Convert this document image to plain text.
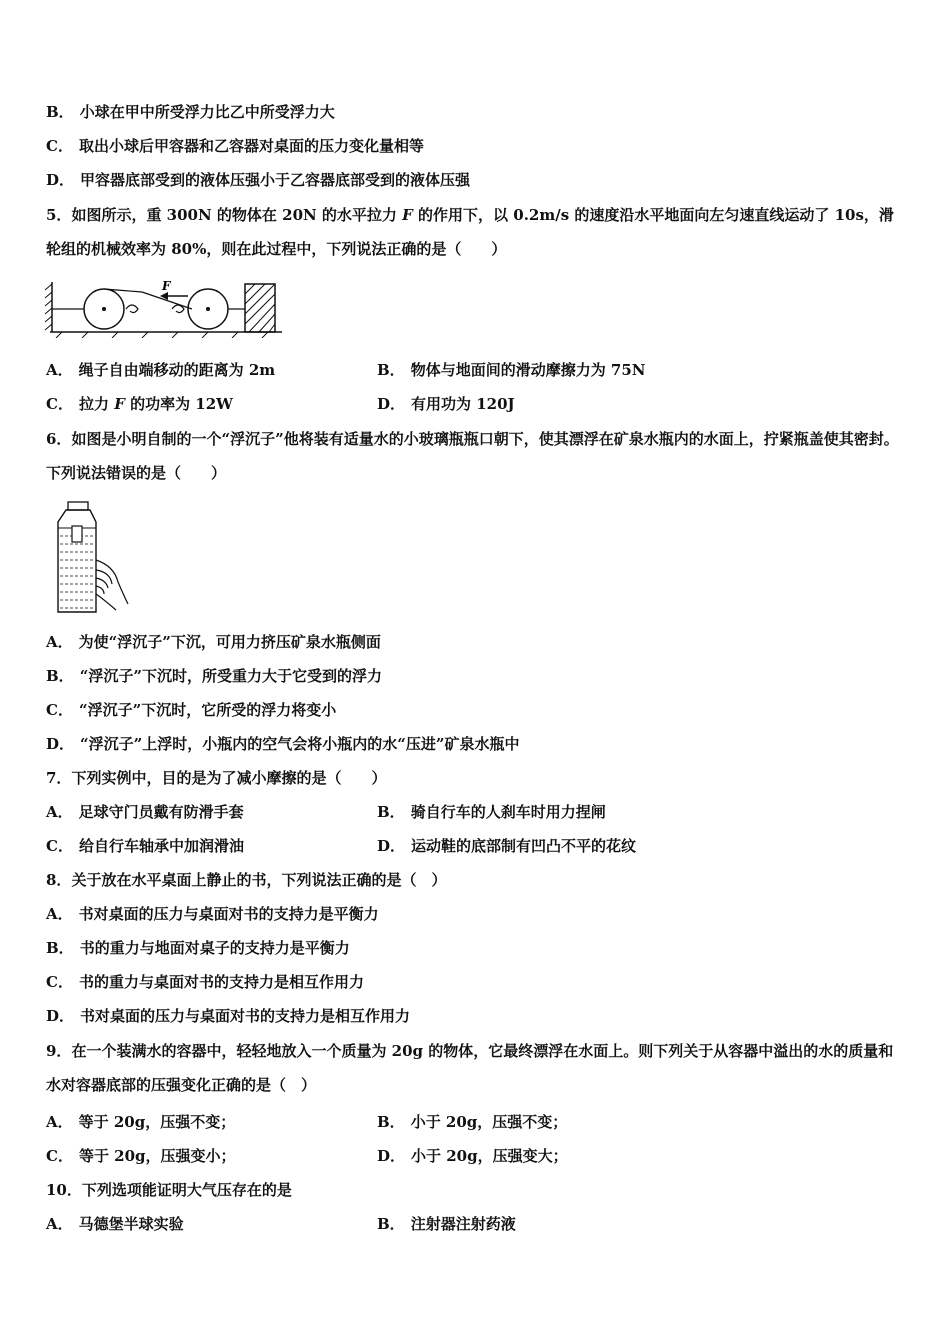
B． 小球在甲中所受浮力比乙中所受浮力大
C． 取出小球后甲容器和乙容器对桌面的压力变化量相等
D． 甲容器底部受到的液体压强小于乙容器底部受到的液体压强
5．如图所示，重 300N 的物体在 20N 的水平拉力 F 的作用下，以 0.2m/s 的速度沿水平地面向左匀速直线运动了 10s，滑轮组的机械效率为 80%，则在此过程中，下列说法正确的是（　　）
F
A． 绳子自由端移动的距离为 2m	B． 物体与地面间的滑动摩擦力为 75N
C． 拉力 F 的功率为 12W	D． 有用功为 120J
6．如图是小明自制的一个“浮沉子”他将装有适量水的小玻璃瓶瓶口朝下，使其漂浮在矿泉水瓶内的水面上，拧紧瓶盖使其密封。下列说法错误的是（　　）
A． 为使“浮沉子”下沉，可用力挤压矿泉水瓶侧面
B． “浮沉子”下沉时，所受重力大于它受到的浮力
C． “浮沉子”下沉时，它所受的浮力将变小
D． “浮沉子”上浮时，小瓶内的空气会将小瓶内的水“压进”矿泉水瓶中
7．下列实例中，目的是为了减小摩擦的是（　　）
A． 足球守门员戴有防滑手套	B． 骑自行车的人刹车时用力捏闸
C． 给自行车轴承中加润滑油	D． 运动鞋的底部制有凹凸不平的花纹
8．关于放在水平桌面上静止的书，下列说法正确的是（　）
A． 书对桌面的压力与桌面对书的支持力是平衡力
B． 书的重力与地面对桌子的支持力是平衡力
C． 书的重力与桌面对书的支持力是相互作用力
D． 书对桌面的压力与桌面对书的支持力是相互作用力
9．在一个装满水的容器中，轻轻地放入一个质量为 20g 的物体，它最终漂浮在水面上。则下列关于从容器中溢出的水的质量和水对容器底部的压强变化正确的是（　）
A． 等于 20g，压强不变；	B． 小于 20g，压强不变；
C． 等于 20g，压强变小；	D． 小于 20g，压强变大；
10．下列选项能证明大气压存在的是
A． 马德堡半球实验	B． 注射器注射药液
